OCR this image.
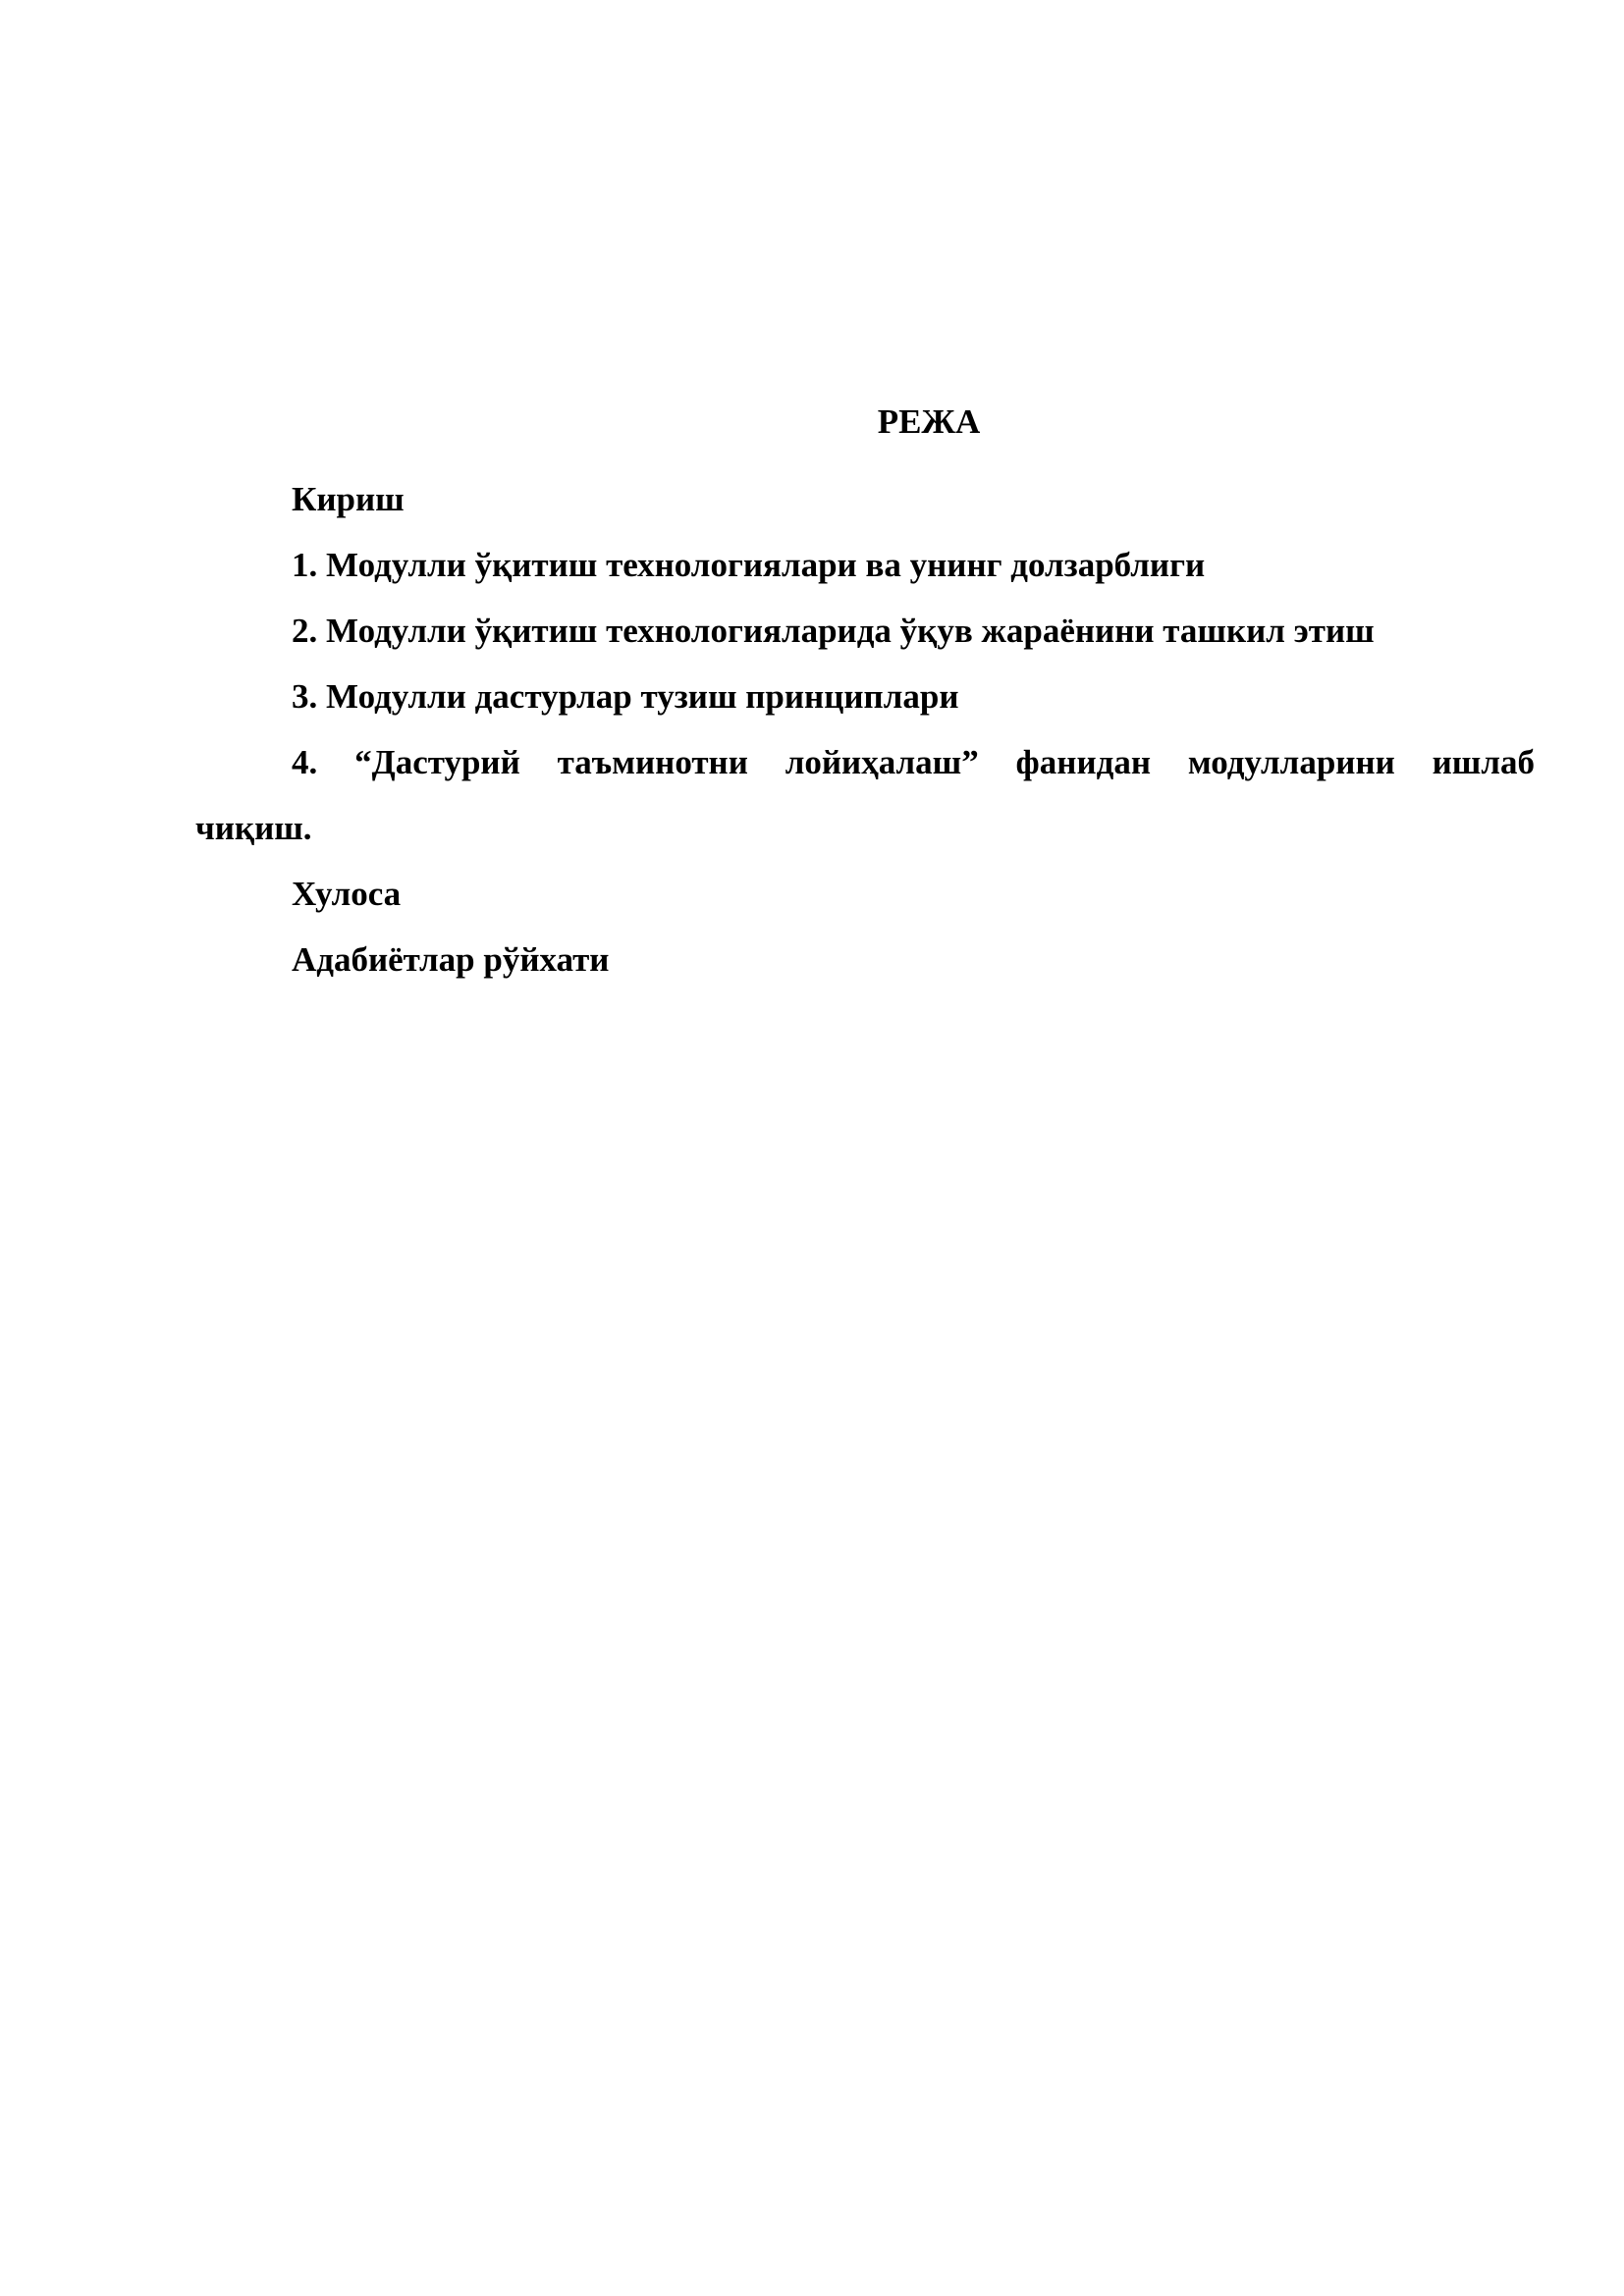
РЕЖА
Кириш
1. Модулли ўқитиш технологиялари ва унинг долзарблиги
2. Модулли ўқитиш технологияларида ўқув жараёнини ташкил этиш
3. Модулли дастурлар тузиш принциплари
4. “Дастурий таъминотни лойиҳалаш” фанидан модулларини ишлаб
чиқиш.
Хулоса
Адабиётлар рўйхати
